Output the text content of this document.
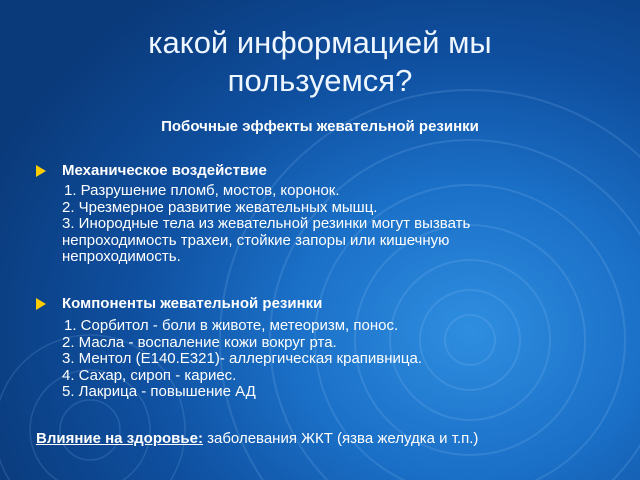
какой информацией мы
пользуемся?
Побочные эффекты жевательной резинки
Механическое воздействие
1. Разрушение пломб, мостов, коронок.
2. Чрезмерное развитие жевательных мышц.
3. Инородные тела из жевательной резинки могут вызвать
непроходимость трахеи, стойкие запоры или кишечную
непроходимость.
Компоненты жевательной резинки
1. Сорбитол - боли в животе, метеоризм, понос.
2. Масла - воспаление кожи вокруг рта.
3. Ментол (E140.E321)- аллергическая крапивница.
4. Сахар, сироп - кариес.
5. Лакрица - повышение АД
Влияние на здоровье: заболевания ЖКТ (язва желудка и т.п.)
